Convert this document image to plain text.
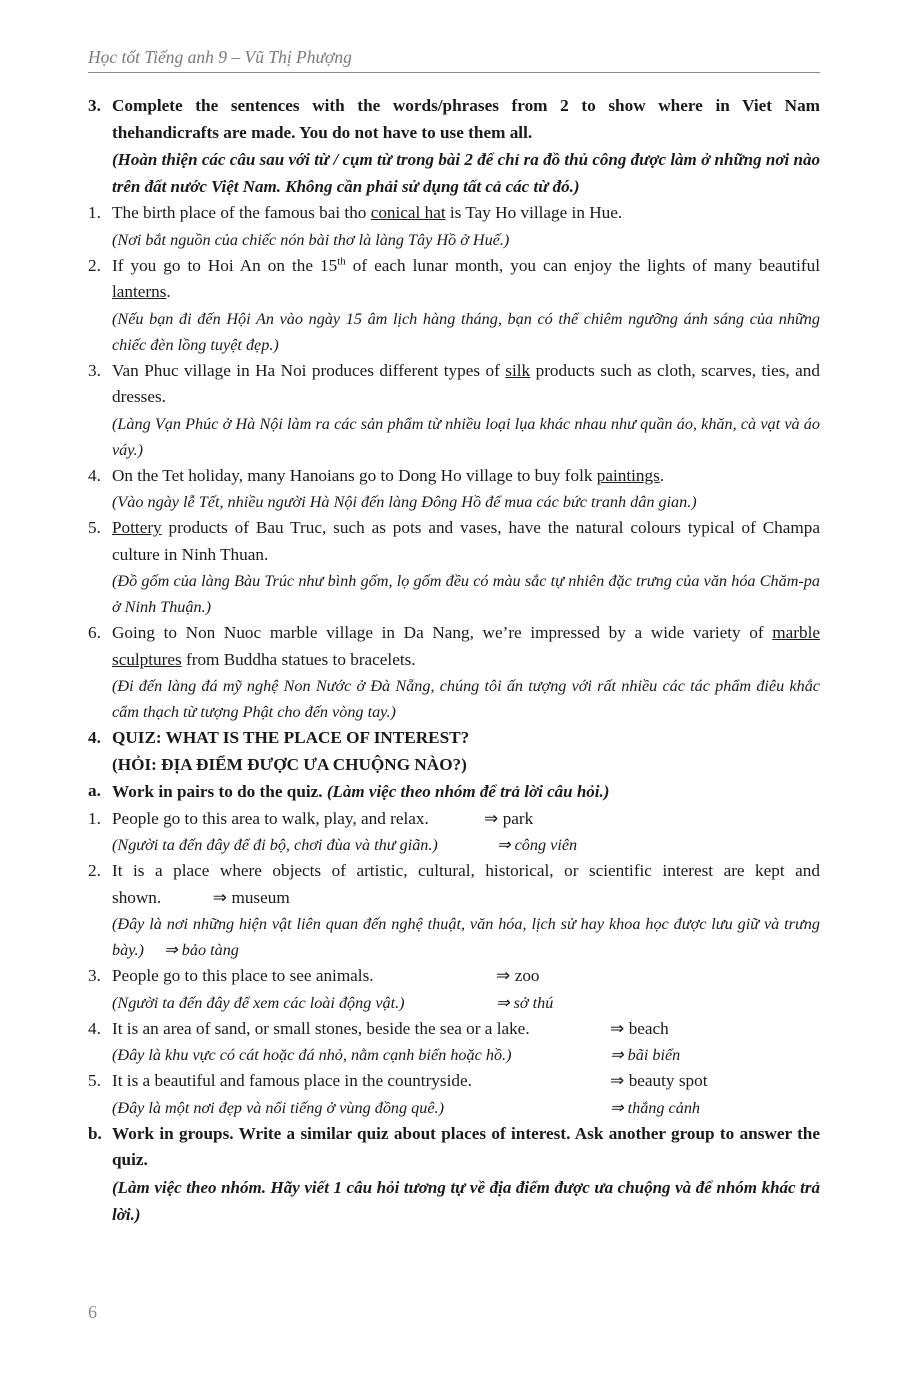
Học tốt Tiếng anh 9 – Vũ Thị Phượng
3. Complete the sentences with the words/phrases from 2 to show where in Viet Nam thehandicrafts are made. You do not have to use them all.
(Hoàn thiện các câu sau với từ / cụm từ trong bài 2 để chỉ ra đồ thủ công được làm ở những nơi nào trên đất nước Việt Nam. Không cần phải sử dụng tất cả các từ đó.)
1. The birth place of the famous bai tho conical hat is Tay Ho village in Hue.
(Nơi bắt nguồn của chiếc nón bài thơ là làng Tây Hồ ở Huế.)
2. If you go to Hoi An on the 15th of each lunar month, you can enjoy the lights of many beautiful lanterns.
(Nếu bạn đi đến Hội An vào ngày 15 âm lịch hàng tháng, bạn có thể chiêm ngưỡng ánh sáng của những chiếc đèn lồng tuyệt đẹp.)
3. Van Phuc village in Ha Noi produces different types of silk products such as cloth, scarves, ties, and dresses.
(Làng Vạn Phúc ở Hà Nội làm ra các sản phẩm từ nhiều loại lụa khác nhau như quần áo, khăn, cà vạt và áo váy.)
4. On the Tet holiday, many Hanoians go to Dong Ho village to buy folk paintings.
(Vào ngày lễ Tết, nhiều người Hà Nội đến làng Đông Hồ để mua các bức tranh dân gian.)
5. Pottery products of Bau Truc, such as pots and vases, have the natural colours typical of Champa culture in Ninh Thuan.
(Đồ gốm của làng Bàu Trúc như bình gốm, lọ gốm đều có màu sắc tự nhiên đặc trưng của văn hóa Chăm-pa ở Ninh Thuận.)
6. Going to Non Nuoc marble village in Da Nang, we’re impressed by a wide variety of marble sculptures from Buddha statues to bracelets.
(Đi đến làng đá mỹ nghệ Non Nước ở Đà Nẵng, chúng tôi ấn tượng với rất nhiều các tác phẩm điêu khắc cẩm thạch từ tượng Phật cho đến vòng tay.)
4. QUIZ: WHAT IS THE PLACE OF INTEREST?
(HỎI: ĐỊA ĐIỂM ĐƯỢC ƯA CHUỘNG NÀO?)
a. Work in pairs to do the quiz. (Làm việc theo nhóm để trả lời câu hỏi.)
1. People go to this area to walk, play, and relax.	⇒ park
(Người ta đến đây để đi bộ, chơi đùa và thư giãn.)	⇒ công viên
2. It is a place where objects of artistic, cultural, historical, or scientific interest are kept and shown.	⇒ museum
(Đây là nơi những hiện vật liên quan đến nghệ thuật, văn hóa, lịch sử hay khoa học được lưu giữ và trưng bày.) ⇒ bảo tàng
3. People go to this place to see animals.	⇒ zoo
(Người ta đến đây để xem các loài động vật.)	⇒ sở thú
4. It is an area of sand, or small stones, beside the sea or a lake.	⇒ beach
(Đây là khu vực có cát hoặc đá nhỏ, nằm cạnh biển hoặc hồ.)	⇒ bãi biển
5. It is a beautiful and famous place in the countryside.	⇒ beauty spot
(Đây là một nơi đẹp và nổi tiếng ở vùng đồng quê.)	⇒ thắng cảnh
b. Work in groups. Write a similar quiz about places of interest. Ask another group to answer the quiz.
(Làm việc theo nhóm. Hãy viết 1 câu hỏi tương tự về địa điểm được ưa chuộng và để nhóm khác trả lời.)
6
